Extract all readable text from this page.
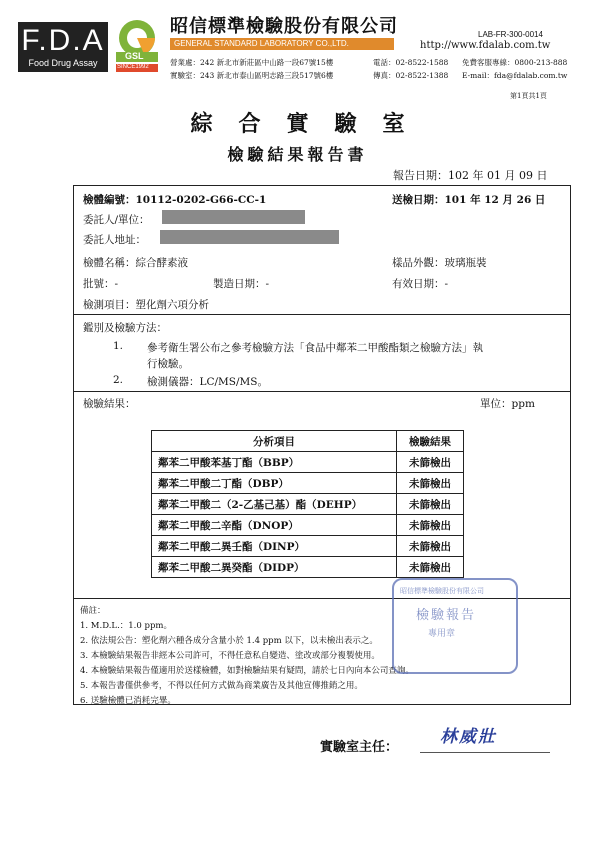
F.D.A
Food Drug Assay
GSL
SINCE1992
昭信標準檢驗股份有限公司
GENERAL STANDARD LABORATORY CO.,LTD.
LAB-FR-300-0014
http://www.fdalab.com.tw
營業處：242 新北市新莊區中山路一段67號15樓	電話：02-8522-1588 免費客服專線：0800-213-888
實驗室：243 新北市泰山區明志路三段517號6樓	傳真：02-8522-1388 E-mail：fda@fdalab.com.tw
第1頁共1頁
綜合實驗室
檢驗結果報告書
報告日期：102 年 01 月 09 日
檢體編號：10112-0202-G66-CC-1	送檢日期：101 年 12 月 26 日
委託人/單位：
委託人地址：
檢體名稱：綜合酵素液	樣品外觀：玻璃瓶裝
批號：-	製造日期：-	有效日期：-
檢測項目：塑化劑六項分析
鑑別及檢驗方法：
1. 參考衛生署公布之參考檢驗方法「食品中鄰苯二甲酸酯類之檢驗方法」執
行檢驗。
2. 檢測儀器：LC/MS/MS。
檢驗結果：	單位：ppm
分析項目	檢驗結果
鄰苯二甲酸苯基丁酯（BBP）	未篩檢出
鄰苯二甲酸二丁酯（DBP）	未篩檢出
鄰苯二甲酸二（2-乙基己基）酯（DEHP）	未篩檢出
鄰苯二甲酸二辛酯（DNOP）	未篩檢出
鄰苯二甲酸二異壬酯（DINP）	未篩檢出
鄰苯二甲酸二異癸酯（DIDP）	未篩檢出
備註：
1. M.D.L.：1.0 ppm。
2. 依法規公告：塑化劑六種各成分含量小於 1.4 ppm 以下，以未檢出表示之。
3. 本檢驗結果報告非經本公司許可，不得任意私自變造、塗改或部分複製使用。
4. 本檢驗結果報告僅適用於送樣檢體，如對檢驗結果有疑問，請於七日內向本公司查詢。
5. 本報告書僅供參考，不得以任何方式做為商業廣告及其他宣傳推銷之用。
6. 送驗檢體已消耗完畢。
昭信標準檢驗股份有限公司
檢驗報告
專用章
實驗室主任：
林威壯
